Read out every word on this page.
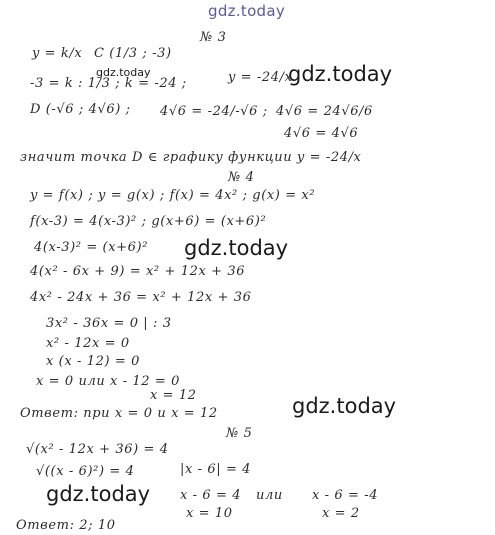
gdz.today
№ 3
y = k/x C (1/3 ; -3)
gdz.today
-3 = k : 1/3 ; k = -24 ;	y = -24/x
gdz.today
D (-√6 ; 4√6) ; 4√6 = -24/-√6 ; 4√6 = 24√6/6
4√6 = 4√6
значит точка D ∈ графику функции y = -24/x
№ 4
y = f(x) ; y = g(x) ; f(x) = 4x² ; g(x) = x²
f(x-3) = 4(x-3)² ; g(x+6) = (x+6)²
4(x-3)² = (x+6)² gdz.today
4(x² - 6x + 9) = x² + 12x + 36
4x² - 24x + 36 = x² + 12x + 36
3x² - 36x = 0 | : 3
x² - 12x = 0
x (x - 12) = 0
x = 0 или x - 12 = 0
x = 12
Ответ: при x = 0 и x = 12	gdz.today
№ 5
√(x² - 12x + 36) = 4
√((x - 6)²) = 4	|x - 6| = 4
gdz.today x - 6 = 4 или x - 6 = -4
x = 10	x = 2
Ответ: 2; 10
